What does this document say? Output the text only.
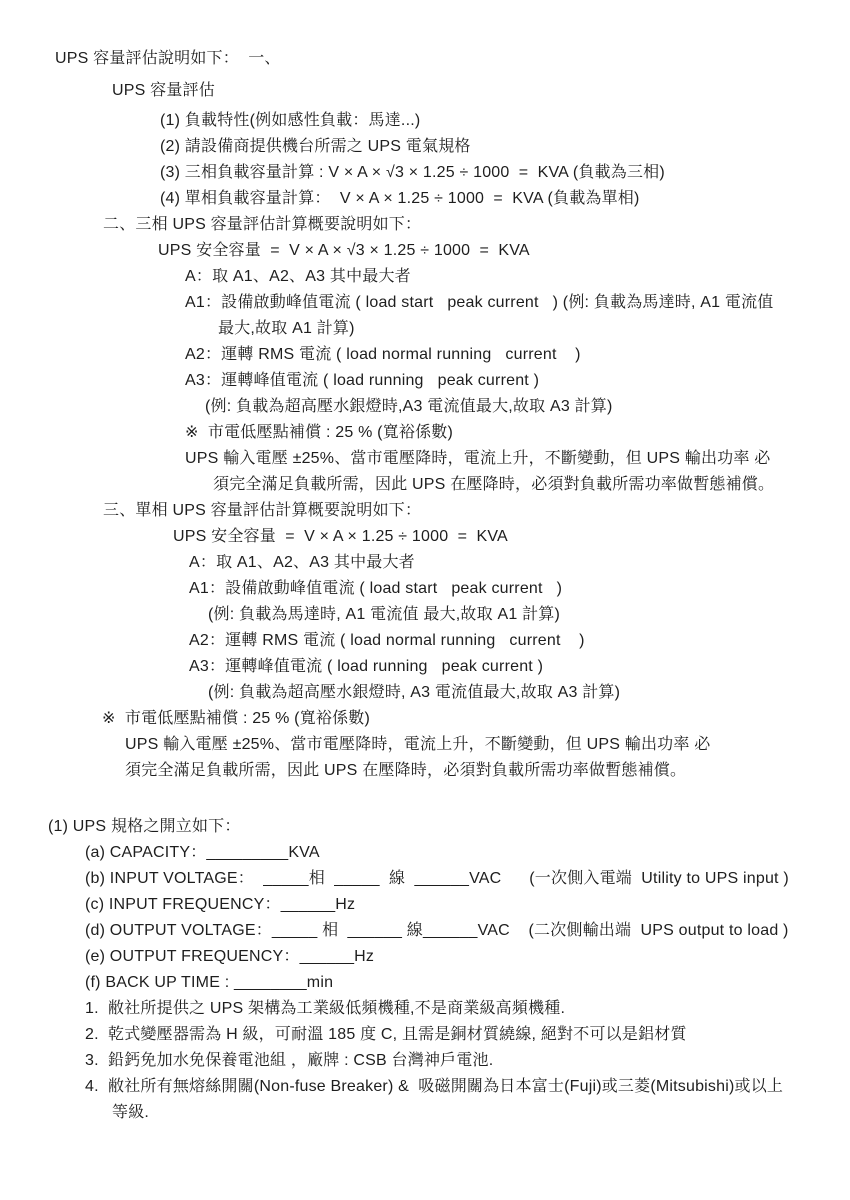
UPS 容量評估說明如下：  一、
UPS 容量評估
(1) 負載特性(例如感性負載：馬達...)
(2) 請設備商提供機台所需之 UPS 電氣規格
(3) 三相負載容量計算 : V × A × √3 × 1.25 ÷ 1000  =  KVA (負載為三相)
(4) 單相負載容量計算：  V × A × 1.25 ÷ 1000  =  KVA (負載為單相)
二、三相 UPS 容量評估計算概要說明如下：
UPS 安全容量  =  V × A × √3 × 1.25 ÷ 1000  =  KVA
A：取 A1、A2、A3 其中最大者
A1：設備啟動峰值電流 ( load start   peak current   ) (例: 負載為馬達時, A1 電流值
最大,故取 A1 計算)
A2：運轉 RMS 電流 ( load normal running   current    )
A3：運轉峰值電流 ( load running   peak current )
(例: 負載為超高壓水銀燈時,A3 電流值最大,故取 A3 計算)
※  市電低壓點補償 : 25 % (寬裕係數)
UPS 輸入電壓 ±25%、當市電壓降時，電流上升，不斷變動，但 UPS 輸出功率 必
須完全滿足負載所需，因此 UPS 在壓降時，必須對負載所需功率做暫態補償。
三、單相 UPS 容量評估計算概要說明如下：
UPS 安全容量  =  V × A × 1.25 ÷ 1000  =  KVA
A：取 A1、A2、A3 其中最大者
A1：設備啟動峰值電流 ( load start   peak current   )
(例: 負載為馬達時, A1 電流值 最大,故取 A1 計算)
A2：運轉 RMS 電流 ( load normal running   current    )
A3：運轉峰值電流 ( load running   peak current )
(例: 負載為超高壓水銀燈時, A3 電流值最大,故取 A3 計算)
※  市電低壓點補償 : 25 % (寬裕係數)
UPS 輸入電壓 ±25%、當市電壓降時，電流上升，不斷變動，但 UPS 輸出功率 必
須完全滿足負載所需，因此 UPS 在壓降時，必須對負載所需功率做暫態補償。
(1) UPS 規格之開立如下：
(a) CAPACITY：_________KVA
(b) INPUT VOLTAGE：  _____相  _____  線  ______VAC      (一次側入電端  Utility to UPS input )
(c) INPUT FREQUENCY：______Hz
(d) OUTPUT VOLTAGE：_____ 相  ______ 線______VAC    (二次側輸出端  UPS output to load )
(e) OUTPUT FREQUENCY：______Hz
(f) BACK UP TIME : ________min
1.  敝社所提供之 UPS 架構為工業級低頻機種,不是商業級高頻機種.
2.  乾式變壓器需為 H 級，可耐溫 185 度 C, 且需是銅材質繞線, 絕對不可以是鋁材質
3.  鉛鈣免加水免保養電池組 ，廠牌 : CSB 台灣神戶電池.
4.  敝社所有無熔絲開關(Non-fuse Breaker) &  吸磁開關為日本富士(Fuji)或三菱(Mitsubishi)或以上
等級.
